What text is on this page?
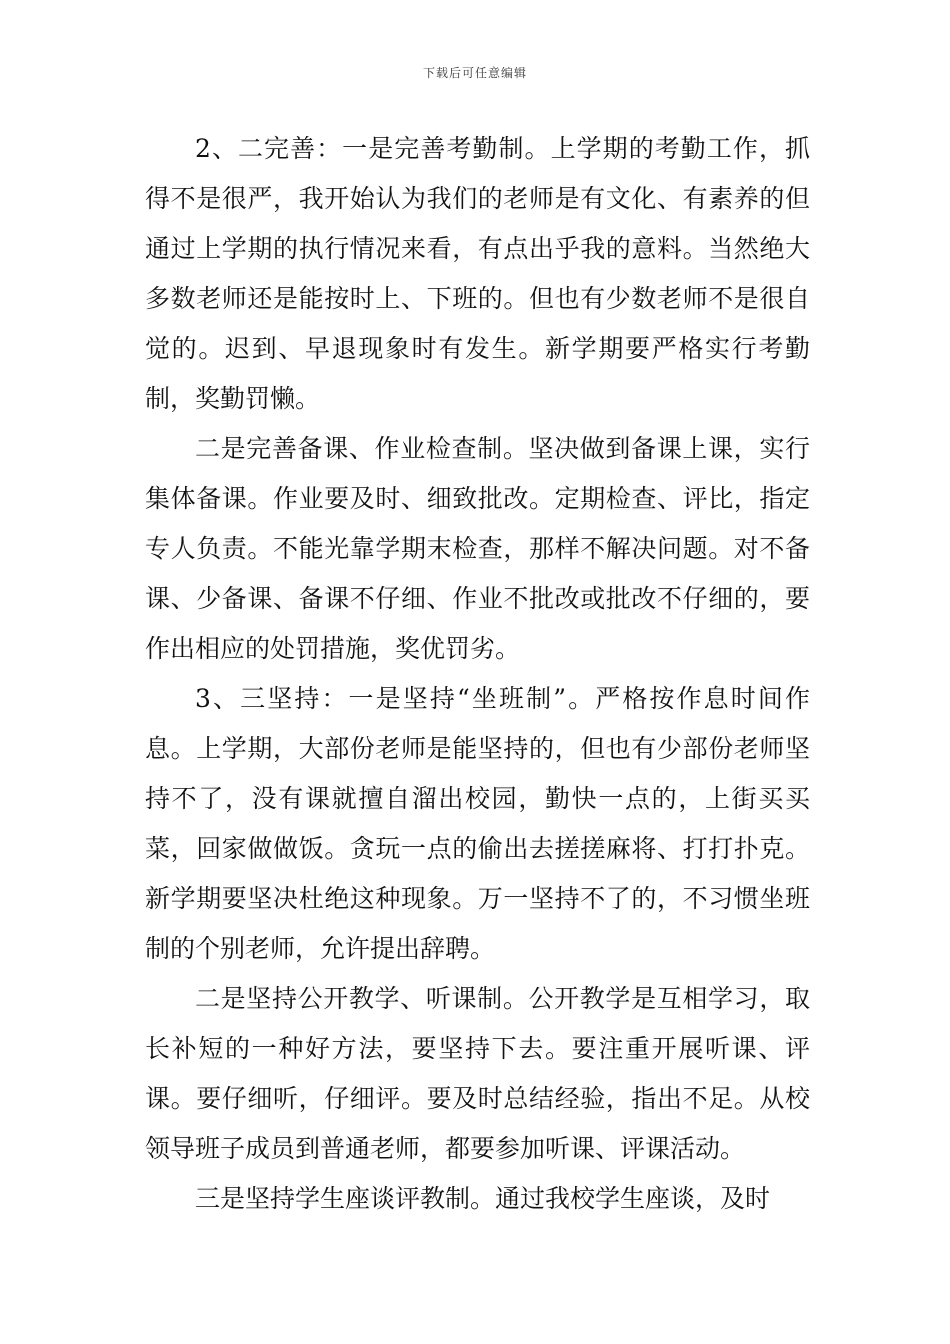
下载后可任意编辑

2、二完善：一是完善考勤制。上学期的考勤工作，抓得不是很严，我开始认为我们的老师是有文化、有素养的但通过上学期的执行情况来看，有点出乎我的意料。当然绝大多数老师还是能按时上、下班的。但也有少数老师不是很自觉的。迟到、早退现象时有发生。新学期要严格实行考勤制，奖勤罚懒。

二是完善备课、作业检查制。坚决做到备课上课，实行集体备课。作业要及时、细致批改。定期检查、评比，指定专人负责。不能光靠学期末检查，那样不解决问题。对不备课、少备课、备课不仔细、作业不批改或批改不仔细的，要作出相应的处罚措施，奖优罚劣。

3、三坚持：一是坚持“坐班制”。严格按作息时间作息。上学期，大部份老师是能坚持的，但也有少部份老师坚持不了，没有课就擅自溜出校园，勤快一点的，上街买买菜，回家做做饭。贪玩一点的偷出去搓搓麻将、打打扑克。新学期要坚决杜绝这种现象。万一坚持不了的，不习惯坐班制的个别老师，允许提出辞聘。

二是坚持公开教学、听课制。公开教学是互相学习，取长补短的一种好方法，要坚持下去。要注重开展听课、评课。要仔细听，仔细评。要及时总结经验，指出不足。从校领导班子成员到普通老师，都要参加听课、评课活动。

三是坚持学生座谈评教制。通过我校学生座谈，及时
